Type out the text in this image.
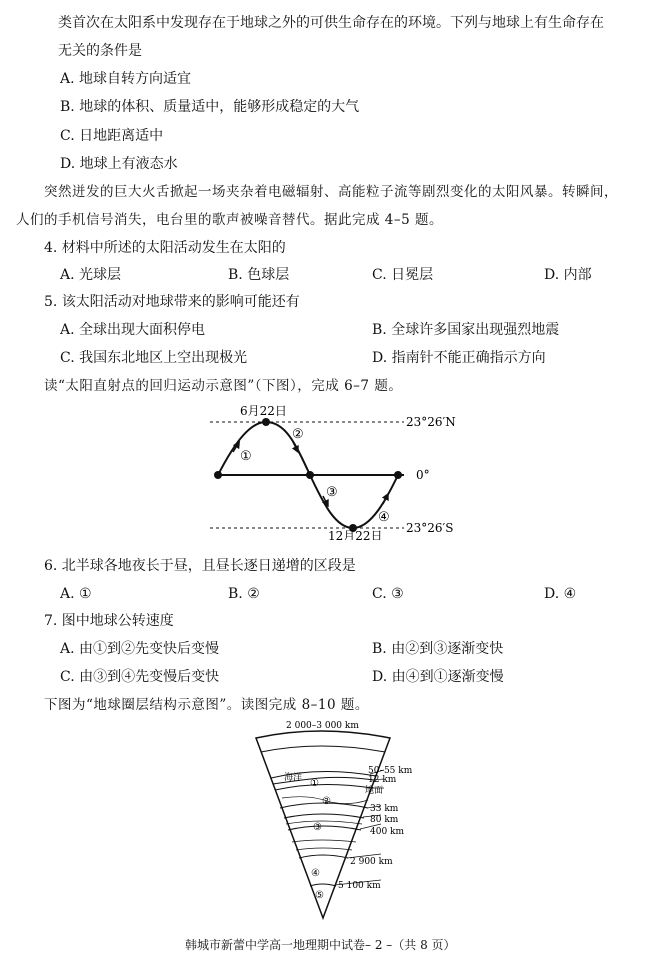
类首次在太阳系中发现存在于地球之外的可供生命存在的环境。下列与地球上有生命存在
无关的条件是
A. 地球自转方向适宜
B. 地球的体积、质量适中，能够形成稳定的大气
C. 日地距离适中
D. 地球上有液态水
突然迸发的巨大火舌掀起一场夹杂着电磁辐射、高能粒子流等剧烈变化的太阳风暴。转瞬间，
人们的手机信号消失，电台里的歌声被噪音替代。据此完成 4–5 题。
4. 材料中所述的太阳活动发生在太阳的
A. 光球层	B. 色球层	C. 日冕层	D. 内部
5. 该太阳活动对地球带来的影响可能还有
A. 全球出现大面积停电	B. 全球许多国家出现强烈地震
C. 我国东北地区上空出现极光	D. 指南针不能正确指示方向
读“太阳直射点的回归运动示意图”（下图），完成 6–7 题。
6月22日
12月22日
23°26′N
0°
23°26′S
①
②
③
④
6. 北半球各地夜长于昼，且昼长逐日递增的区段是
A. ①	B. ②	C. ③	D. ④
7. 图中地球公转速度
A. 由①到②先变快后变慢	B. 由②到③逐渐变快
C. 由③到④先变慢后变快	D. 由④到①逐渐变慢
下图为“地球圈层结构示意图”。读图完成 8–10 题。
①
②
③
④
⑤
海洋
2 000–3 000 km
50–55 km
12 km
地面
33 km
80 km
400 km
2 900 km
5 100 km
韩城市新蕾中学高一地理期中试卷– 2 –（共 8 页）
